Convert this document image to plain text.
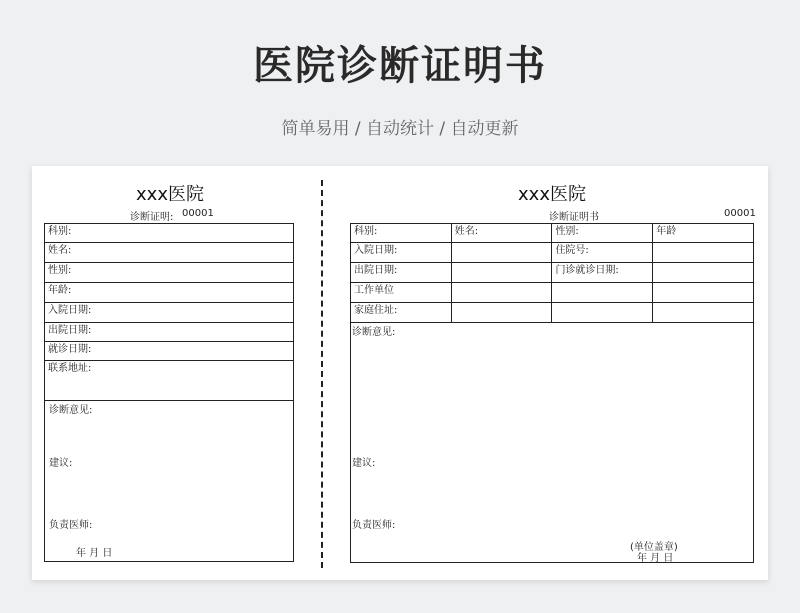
医院诊断证明书
简单易用 / 自动统计 / 自动更新
xxx医院
诊断证明: 00001
科别:
姓名:
性别:
年龄:
入院日期:
出院日期:
就诊日期:
联系地址:

诊断意见:
建议:
负责医师:
年 月 日
xxx医院
诊断证明书	00001
科别:	姓名:	性别:	年龄
入院日期:		住院号:	
出院日期:		门诊就诊日期:	
工作单位			
家庭住址:			

诊断意见:
建议:
负责医师:
(单位盖章)
年 月 日
